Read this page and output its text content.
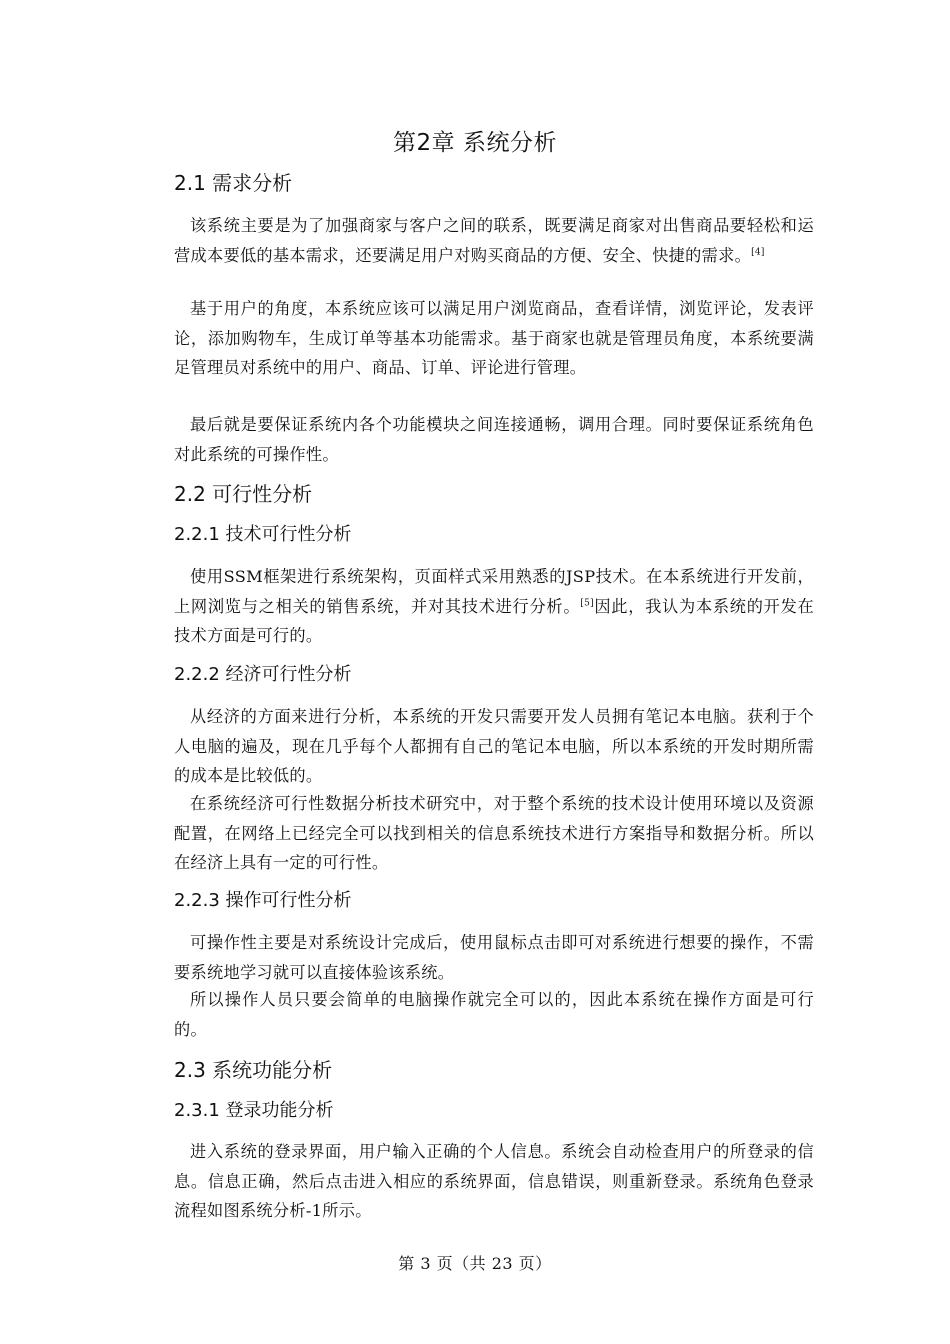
第2章 系统分析
2.1 需求分析

该系统主要是为了加强商家与客户之间的联系，既要满足商家对出售商品要轻松和运营成本要低的基本需求，还要满足用户对购买商品的方便、安全、快捷的需求。[4]

基于用户的角度，本系统应该可以满足用户浏览商品，查看详情，浏览评论，发表评论，添加购物车，生成订单等基本功能需求。基于商家也就是管理员角度，本系统要满足管理员对系统中的用户、商品、订单、评论进行管理。

最后就是要保证系统内各个功能模块之间连接通畅，调用合理。同时要保证系统角色对此系统的可操作性。

2.2 可行性分析
2.2.1 技术可行性分析

使用SSM框架进行系统架构，页面样式采用熟悉的JSP技术。在本系统进行开发前，上网浏览与之相关的销售系统，并对其技术进行分析。[5]因此，我认为本系统的开发在技术方面是可行的。

2.2.2 经济可行性分析

从经济的方面来进行分析，本系统的开发只需要开发人员拥有笔记本电脑。获利于个人电脑的遍及，现在几乎每个人都拥有自己的笔记本电脑，所以本系统的开发时期所需的成本是比较低的。

在系统经济可行性数据分析技术研究中，对于整个系统的技术设计使用环境以及资源配置，在网络上已经完全可以找到相关的信息系统技术进行方案指导和数据分析。所以在经济上具有一定的可行性。

2.2.3 操作可行性分析

可操作性主要是对系统设计完成后，使用鼠标点击即可对系统进行想要的操作，不需要系统地学习就可以直接体验该系统。

所以操作人员只要会简单的电脑操作就完全可以的，因此本系统在操作方面是可行的。

2.3 系统功能分析
2.3.1 登录功能分析

进入系统的登录界面，用户输入正确的个人信息。系统会自动检查用户的所登录的信息。信息正确，然后点击进入相应的系统界面，信息错误，则重新登录。系统角色登录流程如图系统分析-1所示。

第 3 页（共 23 页）
